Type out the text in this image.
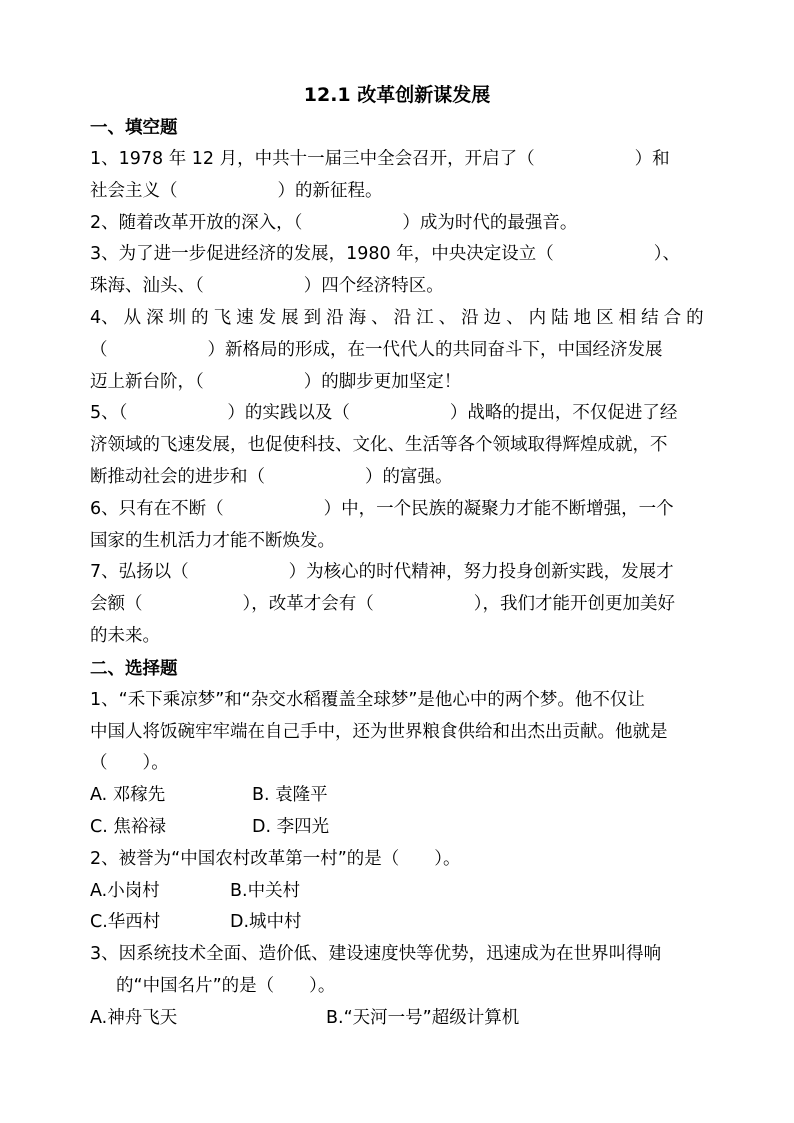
12.1 改革创新谋发展

一、填空题

1、1978 年 12 月，中共十一届三中全会召开，开启了（	）和
社会主义（	）的新征程。
2、随着改革开放的深入，（	）成为时代的最强音。
3、为了进一步促进经济的发展，1980 年，中央决定设立（	）、
珠海、汕头、（	）四个经济特区。
4、 从 深 圳 的 飞 速 发 展 到 沿 海 、 沿 江 、 沿 边 、 内 陆 地 区 相 结 合 的
（	）新格局的形成，在一代代人的共同奋斗下，中国经济发展
迈上新台阶，（	）的脚步更加坚定！
5、（	）的实践以及（	）战略的提出，不仅促进了经
济领域的飞速发展，也促使科技、文化、生活等各个领域取得辉煌成就，不
断推动社会的进步和（	）的富强。
6、只有在不断（	）中，一个民族的凝聚力才能不断增强，一个
国家的生机活力才能不断焕发。
7、弘扬以（	）为核心的时代精神，努力投身创新实践，发展才
会额（	），改革才会有（	），我们才能开创更加美好
的未来。

二、选择题

1、“禾下乘凉梦”和“杂交水稻覆盖全球梦”是他心中的两个梦。他不仅让
中国人将饭碗牢牢端在自己手中，还为世界粮食供给和出杰出贡献。他就是
（　　）。
A. 邓稼先	B. 袁隆平
C. 焦裕禄	D. 李四光
2、被誉为“中国农村改革第一村”的是（　　）。
A.小岗村	B.中关村
C.华西村	D.城中村
3、因系统技术全面、造价低、建设速度快等优势，迅速成为在世界叫得响
的“中国名片”的是（　　）。
A.神舟飞天	B.“天河一号”超级计算机
